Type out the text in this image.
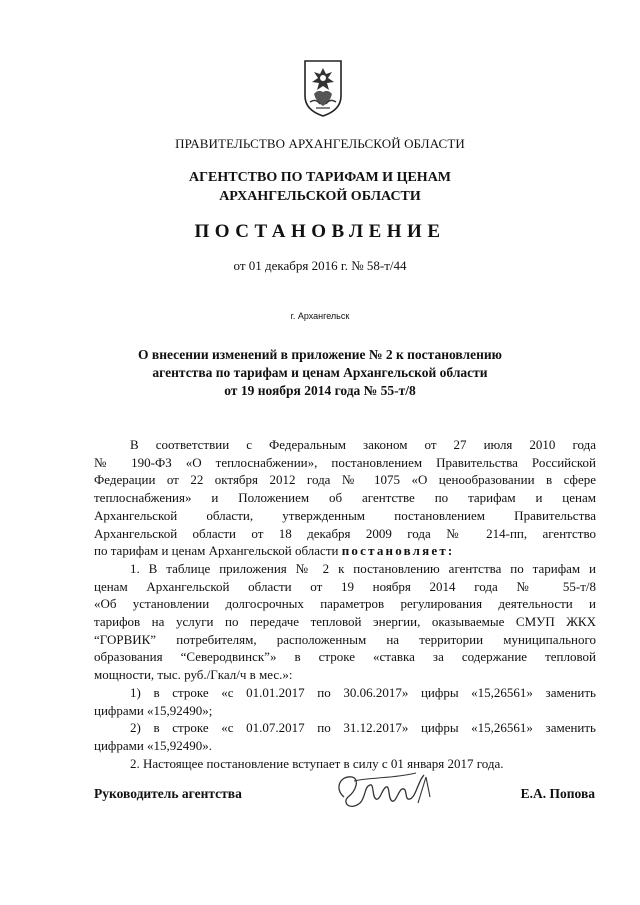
ПРАВИТЕЛЬСТВО АРХАНГЕЛЬСКОЙ ОБЛАСТИ
АГЕНТСТВО ПО ТАРИФАМ И ЦЕНАМ
АРХАНГЕЛЬСКОЙ ОБЛАСТИ
ПОСТАНОВЛЕНИЕ
от 01 декабря 2016 г. № 58-т/44
г. Архангельск
О внесении изменений в приложение № 2 к постановлению
агентства по тарифам и ценам Архангельской области
от 19 ноября 2014 года № 55-т/8
В соответствии с Федеральным законом от 27 июля 2010 года
№ 190-ФЗ «О теплоснабжении», постановлением Правительства Российской
Федерации от 22 октября 2012 года № 1075 «О ценообразовании в сфере
теплоснабжения» и Положением об агентстве по тарифам и ценам
Архангельской области, утвержденным постановлением Правительства
Архангельской области от 18 декабря 2009 года № 214-пп, агентство
по тарифам и ценам Архангельской области постановляет:
1. В таблице приложения № 2 к постановлению агентства по тарифам и
ценам Архангельской области от 19 ноября 2014 года № 55-т/8
«Об установлении долгосрочных параметров регулирования деятельности и
тарифов на услуги по передаче тепловой энергии, оказываемые СМУП ЖКХ
“ГОРВИК” потребителям, расположенным на территории муниципального
образования “Северодвинск”» в строке «ставка за содержание тепловой
мощности, тыс. руб./Гкал/ч в мес.»:
1) в строке «с 01.01.2017 по 30.06.2017» цифры «15,26561» заменить
цифрами «15,92490»;
2) в строке «с 01.07.2017 по 31.12.2017» цифры «15,26561» заменить
цифрами «15,92490».
2. Настоящее постановление вступает в силу с 01 января 2017 года.
Руководитель агентства	Е.А. Попова
